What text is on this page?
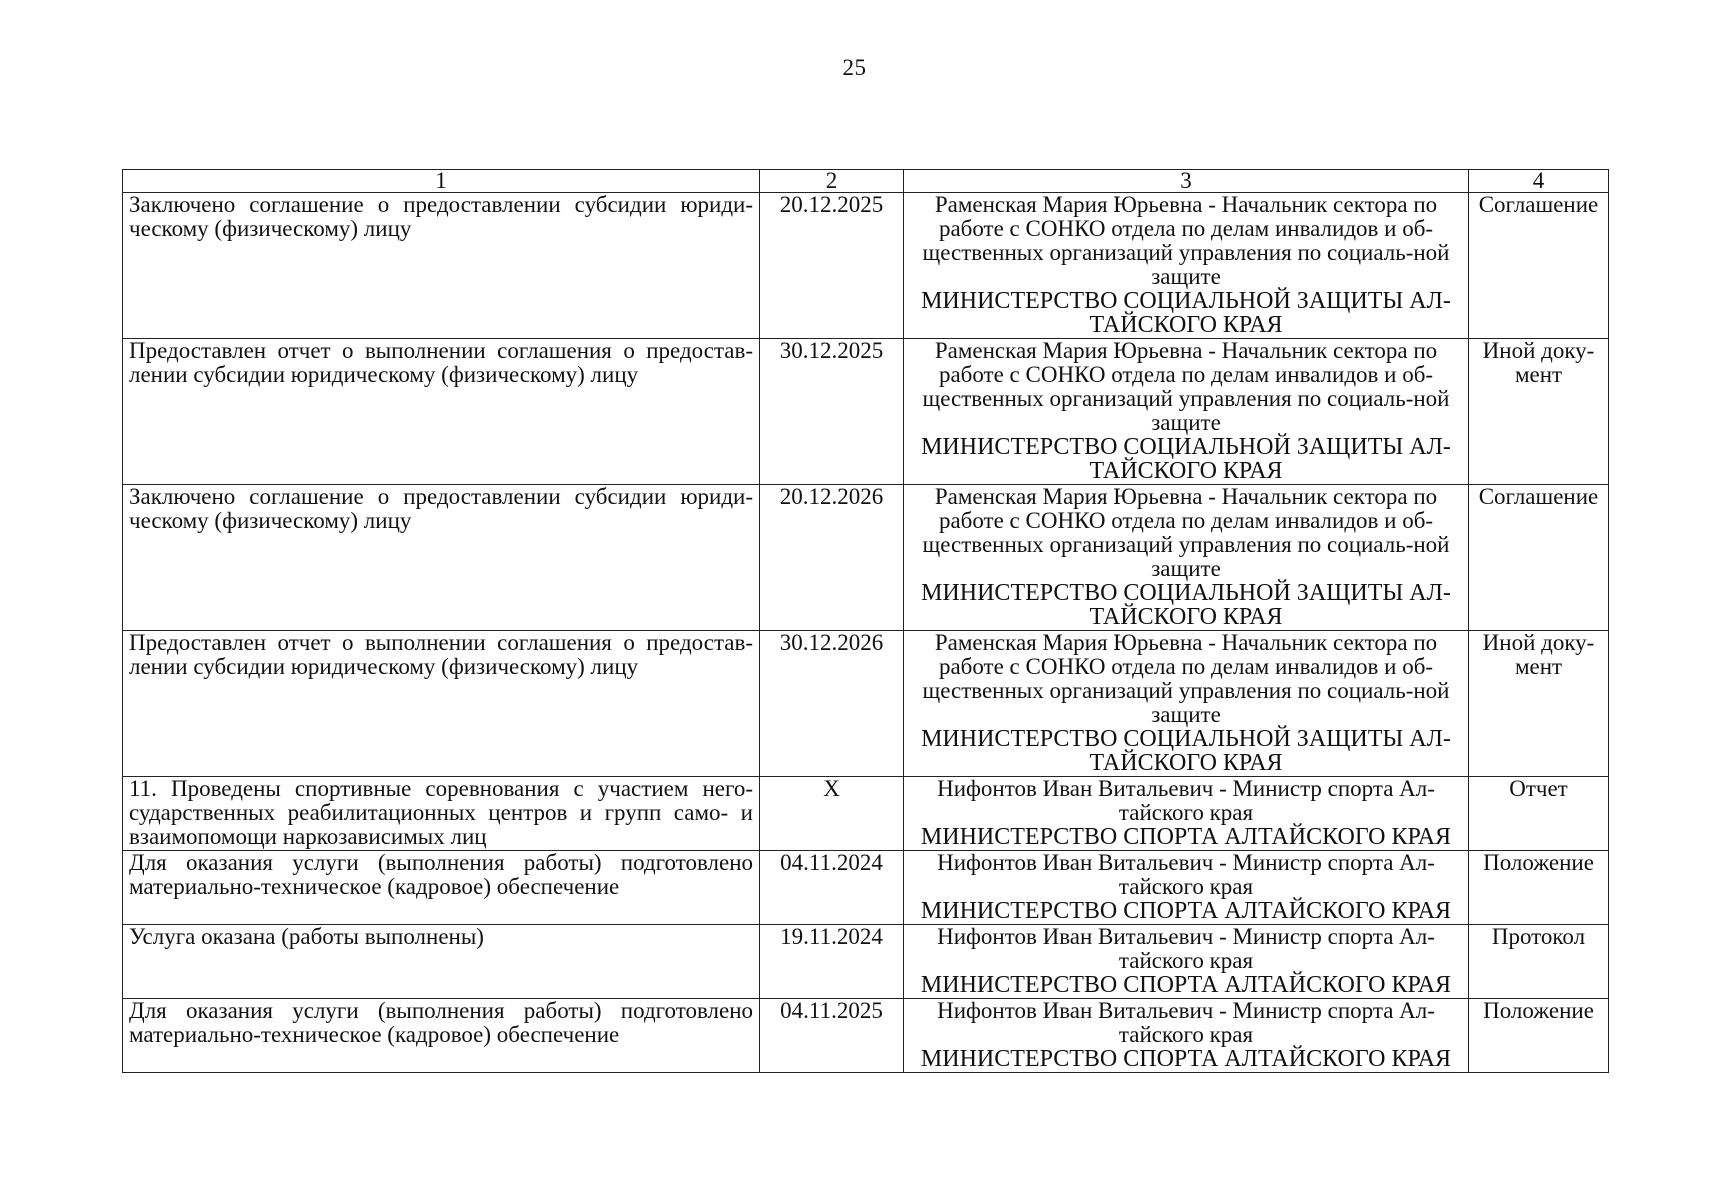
25
1	2	3	4
Заключено соглашение о предоставлении субсидии юриди-ческому (физическому) лицу	20.12.2025	Раменская Мария Юрьевна - Начальник сектора по работе с СОНКО отдела по делам инвалидов и об-щественных организаций управления по социаль-ной защите
МИНИСТЕРСТВО СОЦИАЛЬНОЙ ЗАЩИТЫ АЛ-ТАЙСКОГО КРАЯ	Соглашение
Предоставлен отчет о выполнении соглашения о предостав-лении субсидии юридическому (физическому) лицу	30.12.2025	Раменская Мария Юрьевна - Начальник сектора по работе с СОНКО отдела по делам инвалидов и об-щественных организаций управления по социаль-ной защите
МИНИСТЕРСТВО СОЦИАЛЬНОЙ ЗАЩИТЫ АЛ-ТАЙСКОГО КРАЯ	Иной доку-мент
Заключено соглашение о предоставлении субсидии юриди-ческому (физическому) лицу	20.12.2026	Раменская Мария Юрьевна - Начальник сектора по работе с СОНКО отдела по делам инвалидов и об-щественных организаций управления по социаль-ной защите
МИНИСТЕРСТВО СОЦИАЛЬНОЙ ЗАЩИТЫ АЛ-ТАЙСКОГО КРАЯ	Соглашение
Предоставлен отчет о выполнении соглашения о предостав-лении субсидии юридическому (физическому) лицу	30.12.2026	Раменская Мария Юрьевна - Начальник сектора по работе с СОНКО отдела по делам инвалидов и об-щественных организаций управления по социаль-ной защите
МИНИСТЕРСТВО СОЦИАЛЬНОЙ ЗАЩИТЫ АЛ-ТАЙСКОГО КРАЯ	Иной доку-мент
11. Проведены спортивные соревнования с участием него-сударственных реабилитационных центров и групп само- и взаимопомощи наркозависимых лиц	X	Нифонтов Иван Витальевич - Министр спорта Ал-тайского края
МИНИСТЕРСТВО СПОРТА АЛТАЙСКОГО КРАЯ	Отчет
Для оказания услуги (выполнения работы) подготовлено материально-техническое (кадровое) обеспечение	04.11.2024	Нифонтов Иван Витальевич - Министр спорта Ал-тайского края
МИНИСТЕРСТВО СПОРТА АЛТАЙСКОГО КРАЯ	Положение
Услуга оказана (работы выполнены)	19.11.2024	Нифонтов Иван Витальевич - Министр спорта Ал-тайского края
МИНИСТЕРСТВО СПОРТА АЛТАЙСКОГО КРАЯ	Протокол
Для оказания услуги (выполнения работы) подготовлено материально-техническое (кадровое) обеспечение	04.11.2025	Нифонтов Иван Витальевич - Министр спорта Ал-тайского края
МИНИСТЕРСТВО СПОРТА АЛТАЙСКОГО КРАЯ	Положение
